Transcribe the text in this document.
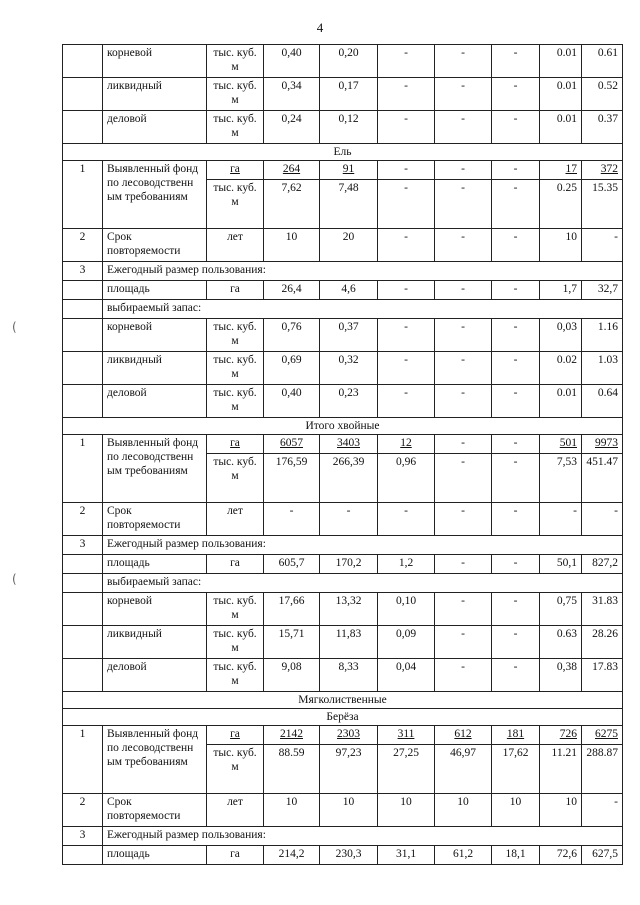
4
(
(
	корневой	тыс. куб. м	0,40	0,20	-	-	-	0.01	0.61
	ликвидный	тыс. куб. м	0,34	0,17	-	-	-	0.01	0.52
	деловой	тыс. куб. м	0,24	0,12	-	-	-	0.01	0.37
Ель									
1	Выявленный фонд по лесоводственн ым требованиям	га	264	91	-	-	-	17	372
		тыс. куб. м	7,62	7,48	-	-	-	0.25	15.35
2	Срок повторяемости	лет	10	20	-	-	-	10	-
3	Ежегодный размер пользования:								
	площадь	га	26,4	4,6	-	-	-	1,7	32,7
	выбираемый запас:								
	корневой	тыс. куб. м	0,76	0,37	-	-	-	0,03	1.16
	ликвидный	тыс. куб. м	0,69	0,32	-	-	-	0.02	1.03
	деловой	тыс. куб. м	0,40	0,23	-	-	-	0.01	0.64
Итого хвойные									
1	Выявленный фонд по лесоводственн ым требованиям	га	6057	3403	12	-	-	501	9973
		тыс. куб. м	176,59	266,39	0,96	-	-	7,53	451.47
2	Срок повторяемости	лет	-	-	-	-	-	-	-
3	Ежегодный размер пользования:								
	площадь	га	605,7	170,2	1,2	-	-	50,1	827,2
	выбираемый запас:								
	корневой	тыс. куб. м	17,66	13,32	0,10	-	-	0,75	31.83
	ликвидный	тыс. куб. м	15,71	11,83	0,09	-	-	0.63	28.26
	деловой	тыс. куб. м	9,08	8,33	0,04	-	-	0,38	17.83
Мягколиственные									
Берёза									
1	Выявленный фонд по лесоводственн ым требованиям	га	2142	2303	311	612	181	726	6275
		тыс. куб. м	88.59	97,23	27,25	46,97	17,62	11.21	288.87
2	Срок повторяемости	лет	10	10	10	10	10	10	-
3	Ежегодный размер пользования:								
	площадь	га	214,2	230,3	31,1	61,2	18,1	72,6	627,5
